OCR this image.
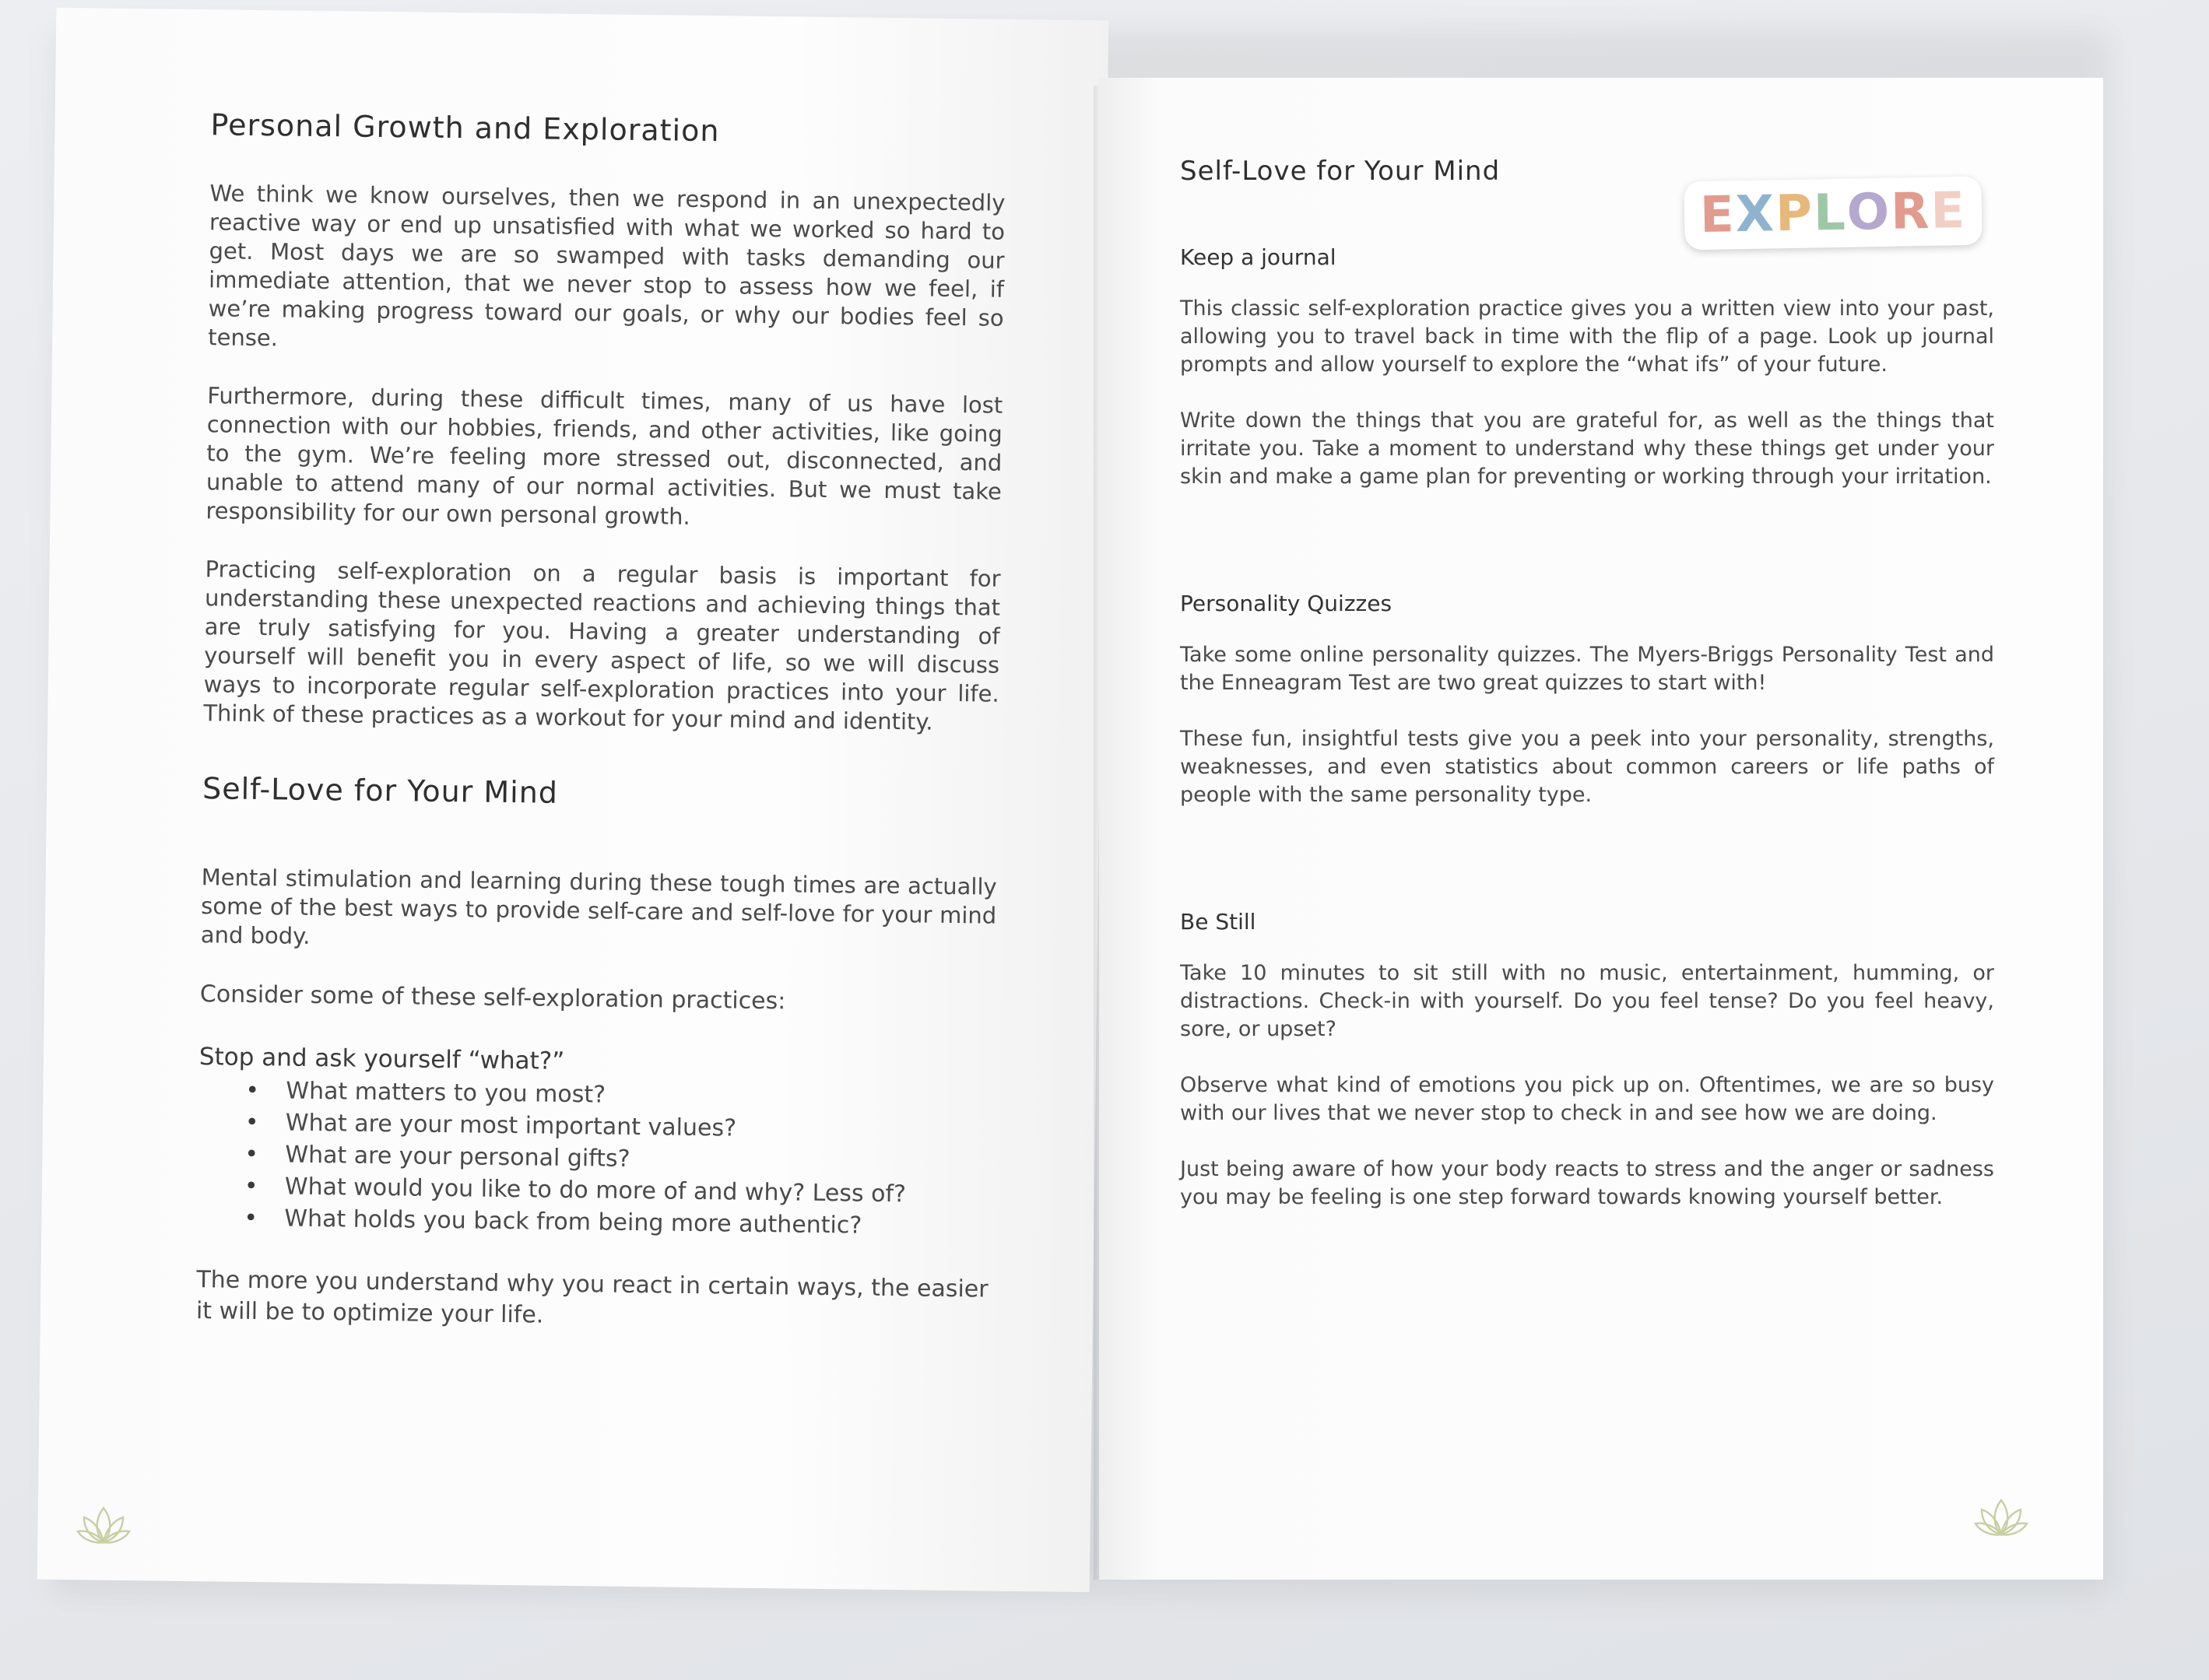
Personal Growth and Exploration

We think we know ourselves, then we respond in an unexpectedly reactive way or end up unsatisfied with what we worked so hard to get. Most days we are so swamped with tasks demanding our immediate attention, that we never stop to assess how we feel, if we’re making progress toward our goals, or why our bodies feel so tense.

Furthermore, during these difficult times, many of us have lost connection with our hobbies, friends, and other activities, like going to the gym. We’re feeling more stressed out, disconnected, and unable to attend many of our normal activities. But we must take responsibility for our own personal growth.

Practicing self-exploration on a regular basis is important for understanding these unexpected reactions and achieving things that are truly satisfying for you. Having a greater understanding of yourself will benefit you in every aspect of life, so we will discuss ways to incorporate regular self-exploration practices into your life. Think of these practices as a workout for your mind and identity.

Self-Love for Your Mind

Mental stimulation and learning during these tough times are actually some of the best ways to provide self-care and self-love for your mind and body.

Consider some of these self-exploration practices:

Stop and ask yourself “what?”

• What matters to you most?
• What are your most important values?
• What are your personal gifts?
• What would you like to do more of and why? Less of?
• What holds you back from being more authentic?

The more you understand why you react in certain ways, the easier it will be to optimize your life.

Self-Love for Your Mind
EXPLORE
Keep a journal

This classic self-exploration practice gives you a written view into your past, allowing you to travel back in time with the flip of a page. Look up journal prompts and allow yourself to explore the “what ifs” of your future.

Write down the things that you are grateful for, as well as the things that irritate you. Take a moment to understand why these things get under your skin and make a game plan for preventing or working through your irritation.

Personality Quizzes

Take some online personality quizzes. The Myers-Briggs Personality Test and the Enneagram Test are two great quizzes to start with!

These fun, insightful tests give you a peek into your personality, strengths, weaknesses, and even statistics about common careers or life paths of people with the same personality type.

Be Still

Take 10 minutes to sit still with no music, entertainment, humming, or distractions. Check-in with yourself. Do you feel tense? Do you feel heavy, sore, or upset?

Observe what kind of emotions you pick up on. Oftentimes, we are so busy with our lives that we never stop to check in and see how we are doing.

Just being aware of how your body reacts to stress and the anger or sadness you may be feeling is one step forward towards knowing yourself better.
